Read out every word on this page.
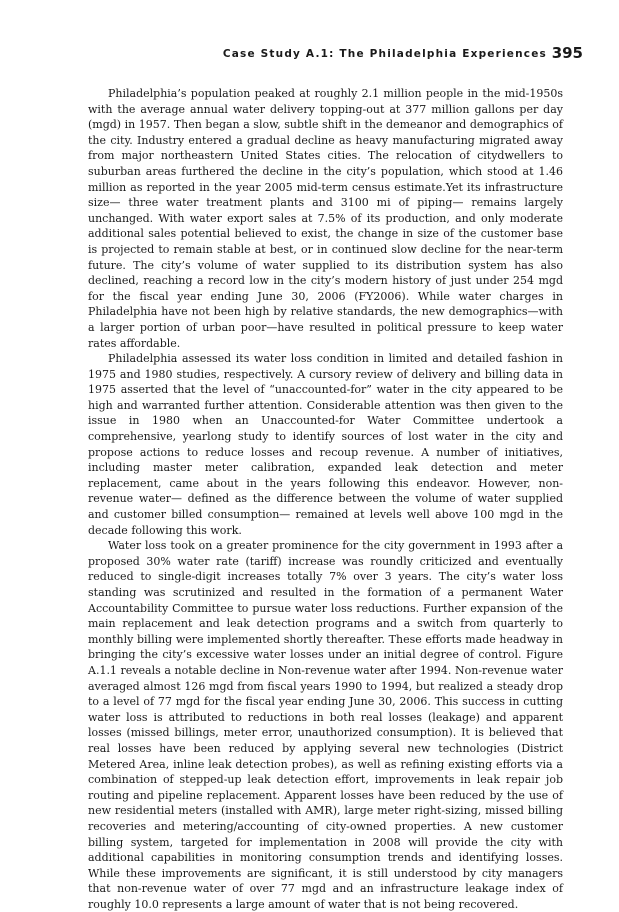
Case Study A.1: The Philadelphia Experiences 395

Philadelphia’s population peaked at roughly 2.1 million people in the mid-1950s with the average annual water delivery topping-out at 377 million gallons per day (mgd) in 1957. Then began a slow, subtle shift in the demeanor and demographics of the city. Industry entered a gradual decline as heavy manufacturing migrated away from major northeastern United States cities. The relocation of citydwellers to suburban areas furthered the decline in the city’s population, which stood at 1.46 million as reported in the year 2005 mid-term census estimate.Yet its infrastructure size— three water treatment plants and 3100 mi of piping— remains largely unchanged. With water export sales at 7.5% of its production, and only moderate additional sales potential believed to exist, the change in size of the customer base is projected to remain stable at best, or in continued slow decline for the near-term future. The city’s volume of water supplied to its distribution system has also declined, reaching a record low in the city’s modern history of just under 254 mgd for the fiscal year ending June 30, 2006 (FY2006). While water charges in Philadelphia have not been high by relative standards, the new demographics—with a larger portion of urban poor—have resulted in political pressure to keep water rates affordable.

Philadelphia assessed its water loss condition in limited and detailed fashion in 1975 and 1980 studies, respectively. A cursory review of delivery and billing data in 1975 asserted that the level of “unaccounted-for” water in the city appeared to be high and warranted further attention. Considerable attention was then given to the issue in 1980 when an Unaccounted-for Water Committee undertook a comprehensive, yearlong study to identify sources of lost water in the city and propose actions to reduce losses and recoup revenue. A number of initiatives, including master meter calibration, expanded leak detection and meter replacement, came about in the years following this endeavor. However, non-revenue water— defined as the difference between the volume of water supplied and customer billed consumption— remained at levels well above 100 mgd in the decade following this work.

Water loss took on a greater prominence for the city government in 1993 after a proposed 30% water rate (tariff) increase was roundly criticized and eventually reduced to single-digit increases totally 7% over 3 years. The city’s water loss standing was scrutinized and resulted in the formation of a permanent Water Accountability Committee to pursue water loss reductions. Further expansion of the main replacement and leak detection programs and a switch from quarterly to monthly billing were implemented shortly thereafter. These efforts made headway in bringing the city’s excessive water losses under an initial degree of control. Figure A.1.1 reveals a notable decline in Non-revenue water after 1994. Non-revenue water averaged almost 126 mgd from fiscal years 1990 to 1994, but realized a steady drop to a level of 77 mgd for the fiscal year ending June 30, 2006. This success in cutting water loss is attributed to reductions in both real losses (leakage) and apparent losses (missed billings, meter error, unauthorized consumption). It is believed that real losses have been reduced by applying several new technologies (District Metered Area, inline leak detection probes), as well as refining existing efforts via a combination of stepped-up leak detection effort, improvements in leak repair job routing and pipeline replacement. Apparent losses have been reduced by the use of new residential meters (installed with AMR), large meter right-sizing, missed billing recoveries and metering/accounting of city-owned properties. A new customer billing system, targeted for implementation in 2008 will provide the city with additional capabilities in monitoring consumption trends and identifying losses. While these improvements are significant, it is still understood by city managers that non-revenue water of over 77 mgd and an infrastructure leakage index of roughly 10.0 represents a large amount of water that is not being recovered.
